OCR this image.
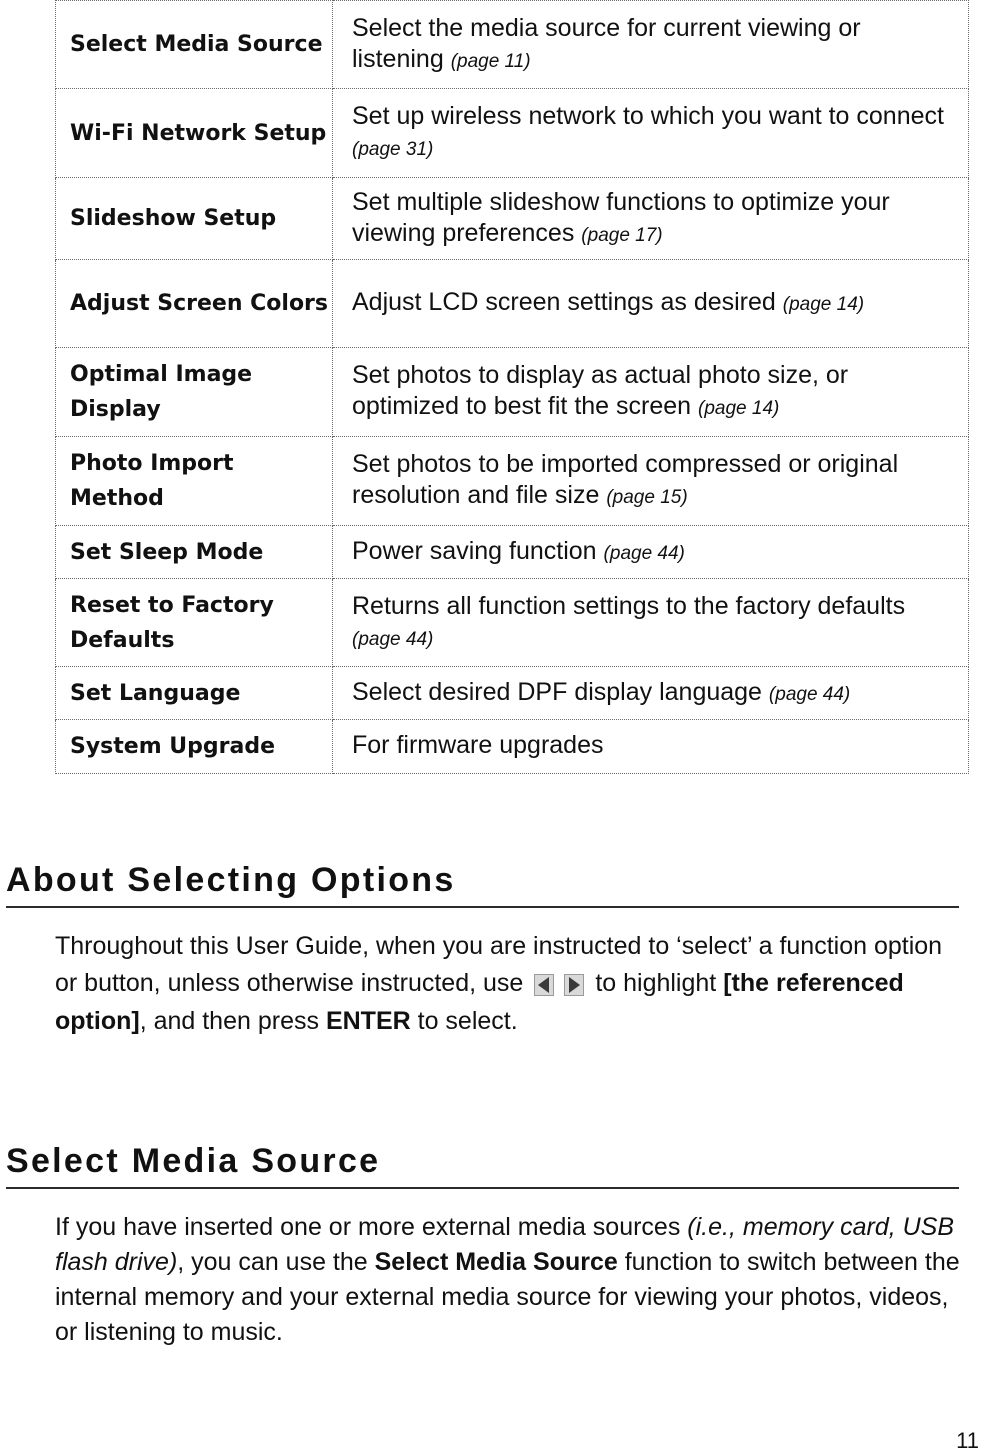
Select Media Source	Select the media source for current viewing or listening (page 11)
Wi-Fi Network Setup	Set up wireless network to which you want to connect (page 31)
Slideshow Setup	Set multiple slideshow functions to optimize your viewing preferences (page 17)
Adjust Screen Colors	Adjust LCD screen settings as desired (page 14)
Optimal Image Display	Set photos to display as actual photo size, or optimized to best fit the screen (page 14)
Photo Import Method	Set photos to be imported compressed or original resolution and file size (page 15)
Set Sleep Mode	Power saving function (page 44)
Reset to Factory Defaults	Returns all function settings to the factory defaults (page 44)
Set Language	Select desired DPF display language (page 44)
System Upgrade	For firmware upgrades
About Selecting Options

Throughout this User Guide, when you are instructed to ‘select’ a function option or button, unless otherwise instructed, use	to highlight [the referenced option], and then press ENTER to select.

Select Media Source

If you have inserted one or more external media sources (i.e., memory card, USB flash drive), you can use the Select Media Source function to switch between the internal memory and your external media source for viewing your photos, videos, or listening to music.

11
